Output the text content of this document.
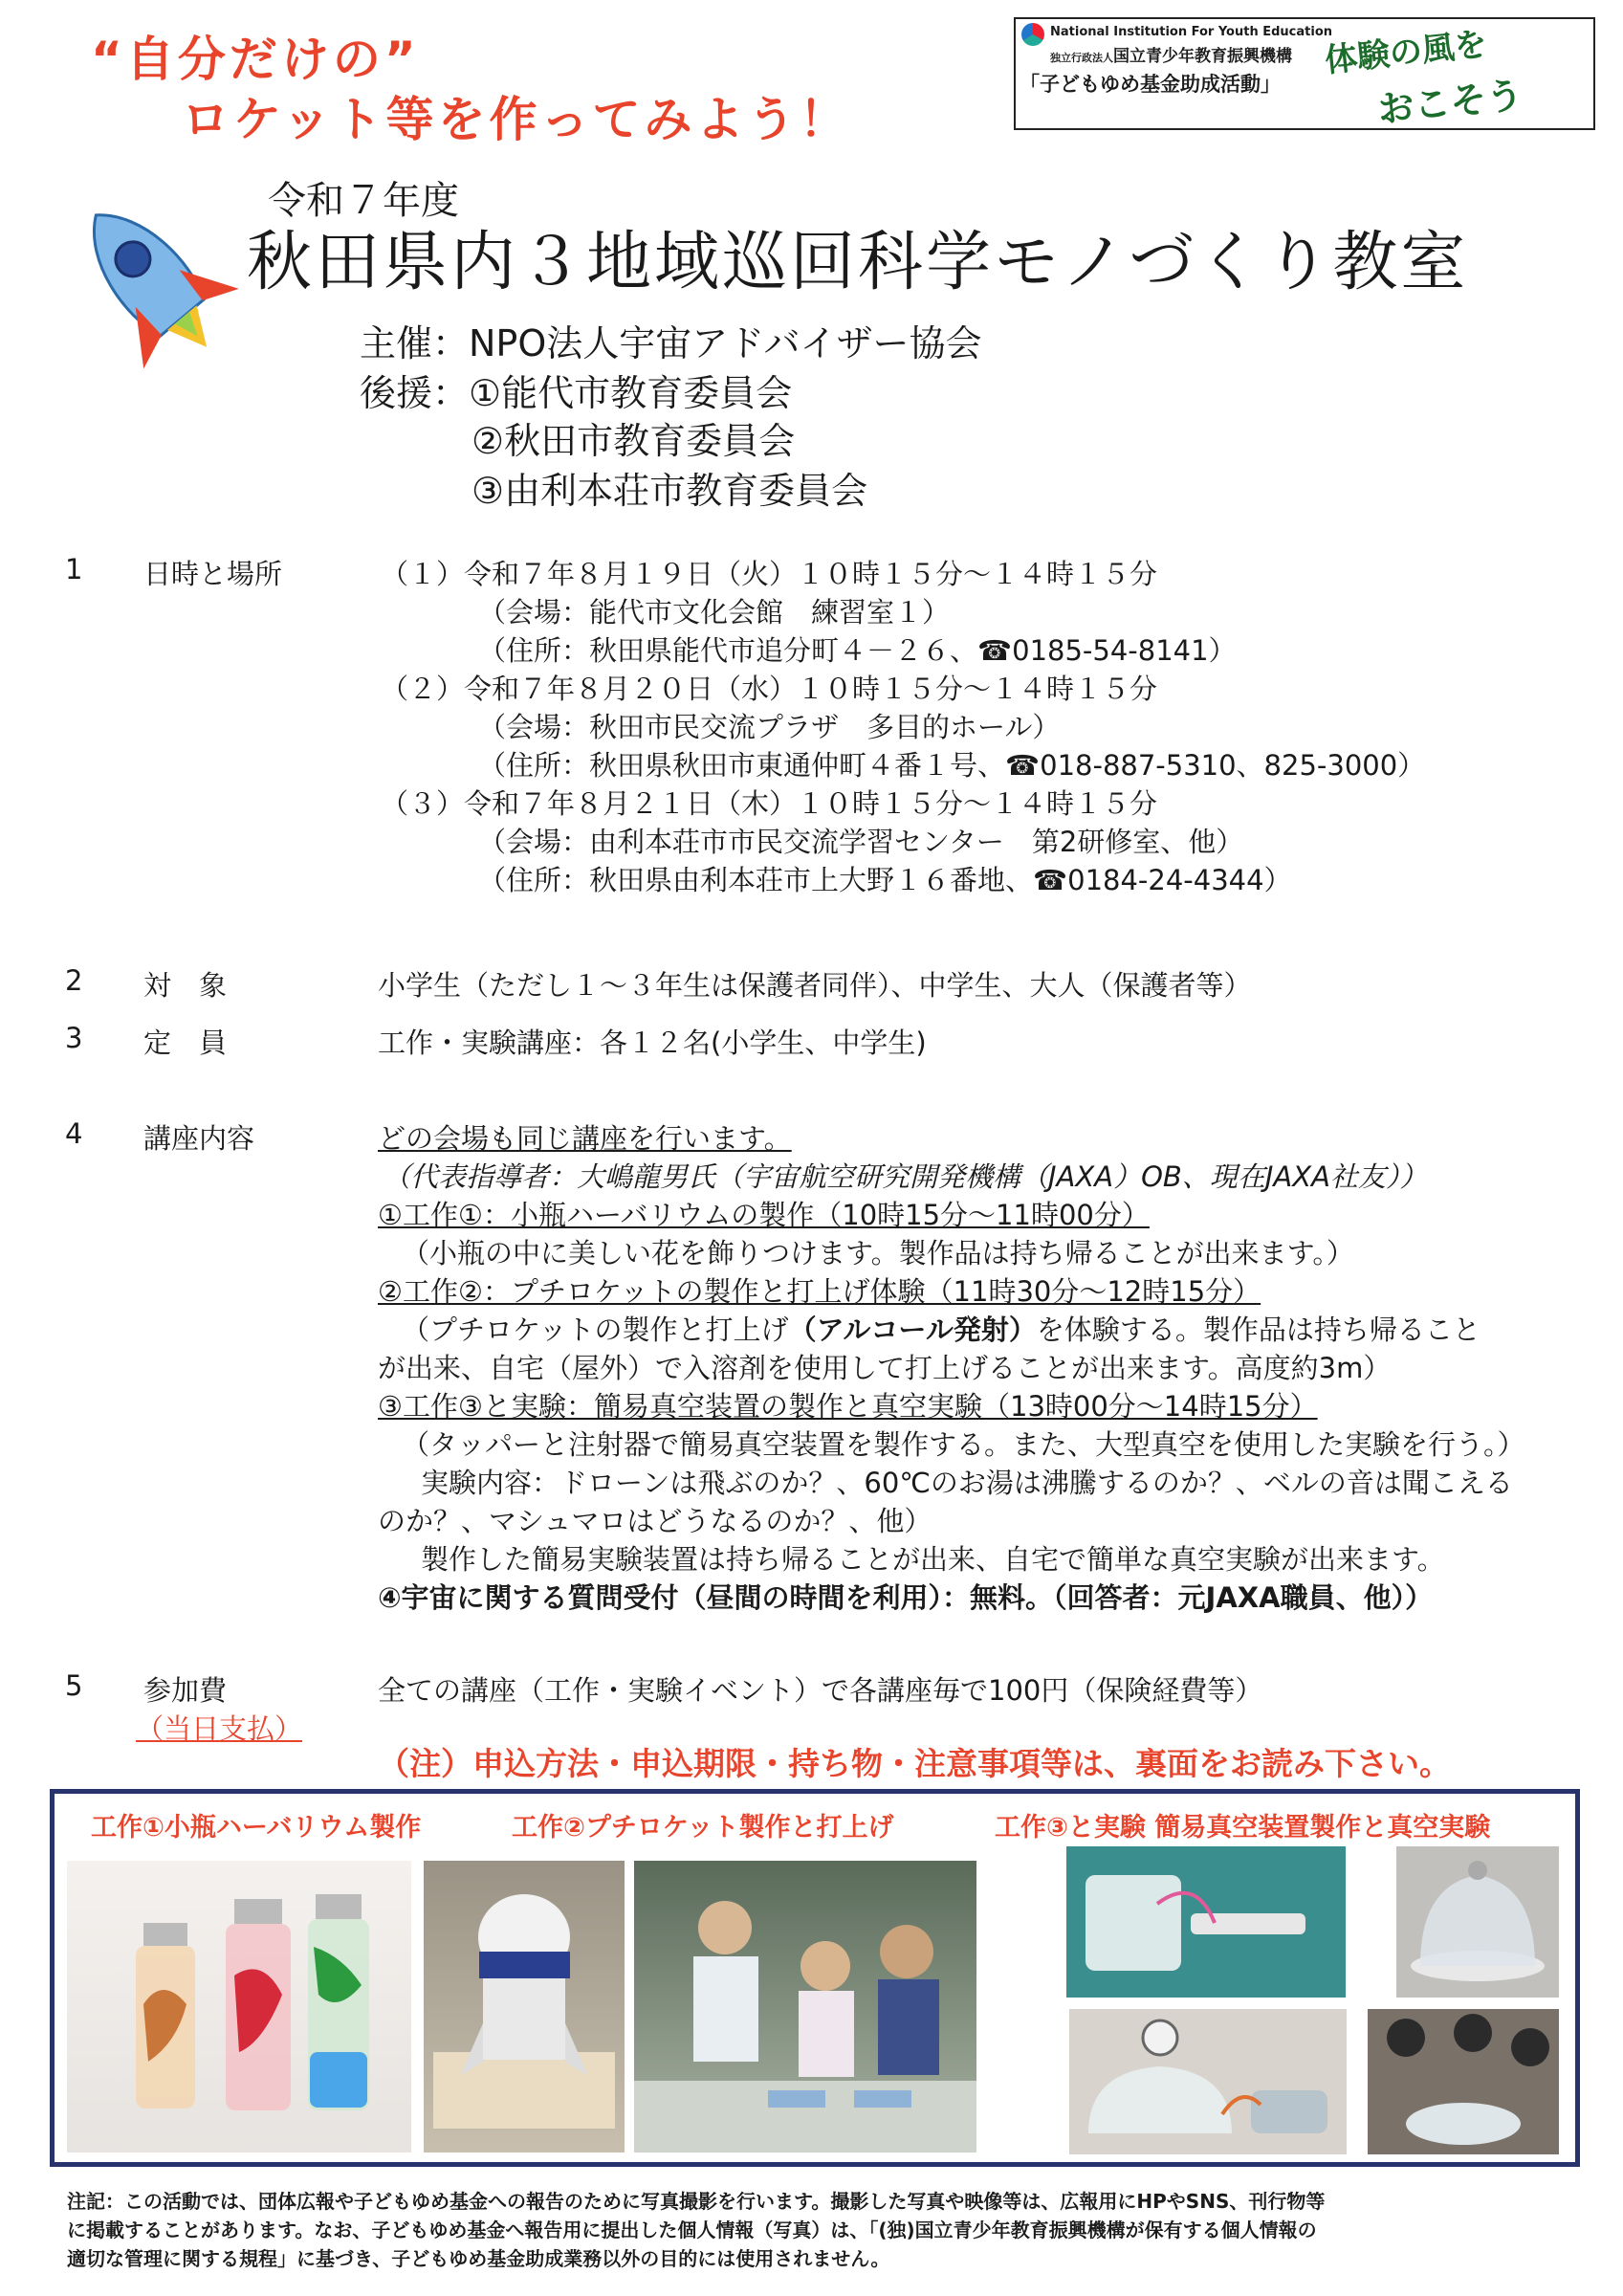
“自分だけの”
ロケット等を作ってみよう！
National Institution For Youth Education
独立行政法人国立青少年教育振興機構
「子どもゆめ基金助成活動」
体験の風を
おこそう
令和７年度
秋田県内３地域巡回科学モノづくり教室
主催：NPO法人宇宙アドバイザー協会
後援：①能代市教育委員会
②秋田市教育委員会
③由利本荘市教育委員会
1 日時と場所	（１）令和７年８月１９日（火）１０時１５分～１４時１５分
（会場：能代市文化会館　練習室１）
（住所：秋田県能代市追分町４－２６、☎0185-54-8141）
（２）令和７年８月２０日（水）１０時１５分～１４時１５分
（会場：秋田市民交流プラザ　多目的ホール）
（住所：秋田県秋田市東通仲町４番１号、☎018-887-5310、825-3000）
（３）令和７年８月２１日（木）１０時１５分～１４時１５分
（会場：由利本荘市市民交流学習センター　第2研修室、他）
（住所：秋田県由利本荘市上大野１６番地、☎0184-24-4344）
2 対　象	小学生（ただし１～３年生は保護者同伴）、中学生、大人（保護者等）
3 定　員	工作・実験講座：各１２名(小学生、中学生)
4 講座内容	どの会場も同じ講座を行います。
（代表指導者：大嶋龍男氏（宇宙航空研究開発機構（JAXA）OB、現在JAXA社友））
①工作①：小瓶ハーバリウムの製作（10時15分～11時00分）
（小瓶の中に美しい花を飾りつけます。製作品は持ち帰ることが出来ます。）
②工作②：プチロケットの製作と打上げ体験（11時30分～12時15分）
（プチロケットの製作と打上げ（アルコール発射）を体験する。製作品は持ち帰ること
が出来、自宅（屋外）で入溶剤を使用して打上げることが出来ます。高度約3m）
③工作③と実験：簡易真空装置の製作と真空実験（13時00分～14時15分）
（タッパーと注射器で簡易真空装置を製作する。また、大型真空を使用した実験を行う。）
実験内容：ドローンは飛ぶのか？、60℃のお湯は沸騰するのか？、ベルの音は聞こえる
のか？、マシュマロはどうなるのか？、他）
製作した簡易実験装置は持ち帰ることが出来、自宅で簡単な真空実験が出来ます。
④宇宙に関する質問受付（昼間の時間を利用）：無料。（回答者：元JAXA職員、他））
5 参加費
（当日支払）
全ての講座（工作・実験イベント）で各講座毎で100円（保険経費等）
（注）申込方法・申込期限・持ち物・注意事項等は、裏面をお読み下さい。
工作①小瓶ハーバリウム製作	工作②プチロケット製作と打上げ	工作③と実験 簡易真空装置製作と真空実験
注記：この活動では、団体広報や子どもゆめ基金への報告のために写真撮影を行います。撮影した写真や映像等は、広報用にHPやSNS、刊行物等
に掲載することがあります。なお、子どもゆめ基金へ報告用に提出した個人情報（写真）は、「(独)国立青少年教育振興機構が保有する個人情報の
適切な管理に関する規程」に基づき、子どもゆめ基金助成業務以外の目的には使用されません。
